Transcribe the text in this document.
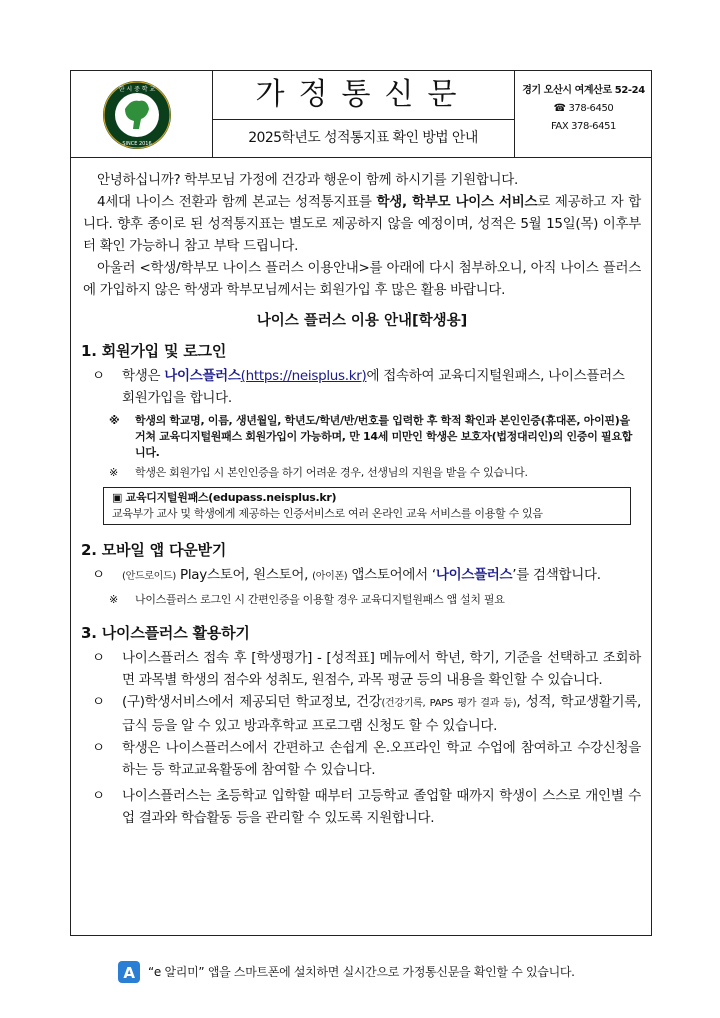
한 시 중 학 교
SINCE 2016
가정통신문
2025학년도 성적통지표 확인 방법 안내
경기 오산시 여계산로 52-24
☎ 378-6450
FAX 378-6451

안녕하십니까? 학부모님 가정에 건강과 행운이 함께 하시기를 기원합니다.

4세대 나이스 전환과 함께 본교는 성적통지표를 학생, 학부모 나이스 서비스로 제공하고 자 합니다. 향후 종이로 된 성적통지표는 별도로 제공하지 않을 예정이며, 성적은 5월 15일(목) 이후부터 확인 가능하니 참고 부탁 드립니다.

아울러 <학생/학부모 나이스 플러스 이용안내>를 아래에 다시 첨부하오니, 아직 나이스 플러스에 가입하지 않은 학생과 학부모님께서는 회원가입 후 많은 활용 바랍니다.

나이스 플러스 이용 안내[학생용]
1. 회원가입 및 로그인

ㅇ 학생은 나이스플러스(https://neisplus.kr)에 접속하여 교육디지털원패스, 나이스플러스 회원가입을 합니다.

※ 학생의 학교명, 이름, 생년월일, 학년도/학년/반/번호를 입력한 후 학적 확인과 본인인증(휴대폰, 아이핀)을 거쳐 교육디지털원패스 회원가입이 가능하며, 만 14세 미만인 학생은 보호자(법정대리인)의 인증이 필요합니다.

※ 학생은 회원가입 시 본인인증을 하기 어려운 경우, 선생님의 지원을 받을 수 있습니다.

▣ 교육디지털원패스(edupass.neisplus.kr)
교육부가 교사 및 학생에게 제공하는 인증서비스로 여러 온라인 교육 서비스를 이용할 수 있음
2. 모바일 앱 다운받기

ㅇ (안드로이드) Play스토어, 원스토어, (아이폰) 앱스토어에서 ‘나이스플러스’를 검색합니다.

※ 나이스플러스 로그인 시 간편인증을 이용할 경우 교육디지털원패스 앱 설치 필요

3. 나이스플러스 활용하기

ㅇ 나이스플러스 접속 후 [학생평가] - [성적표] 메뉴에서 학년, 학기, 기준을 선택하고 조회하면 과목별 학생의 점수와 성취도, 원점수, 과목 평균 등의 내용을 확인할 수 있습니다.

ㅇ (구)학생서비스에서 제공되던 학교정보, 건강(건강기록, PAPS 평가 결과 등), 성적, 학교생활기록, 급식 등을 알 수 있고 방과후학교 프로그램 신청도 할 수 있습니다.

ㅇ 학생은 나이스플러스에서 간편하고 손쉽게 온.오프라인 학교 수업에 참여하고 수강신청을 하는 등 학교교육활동에 참여할 수 있습니다.

ㅇ 나이스플러스는 초등학교 입학할 때부터 고등학교 졸업할 때까지 학생이 스스로 개인별 수업 결과와 학습활동 등을 관리할 수 있도록 지원합니다.

A “e 알리미” 앱을 스마트폰에 설치하면 실시간으로 가정통신문을 확인할 수 있습니다.
